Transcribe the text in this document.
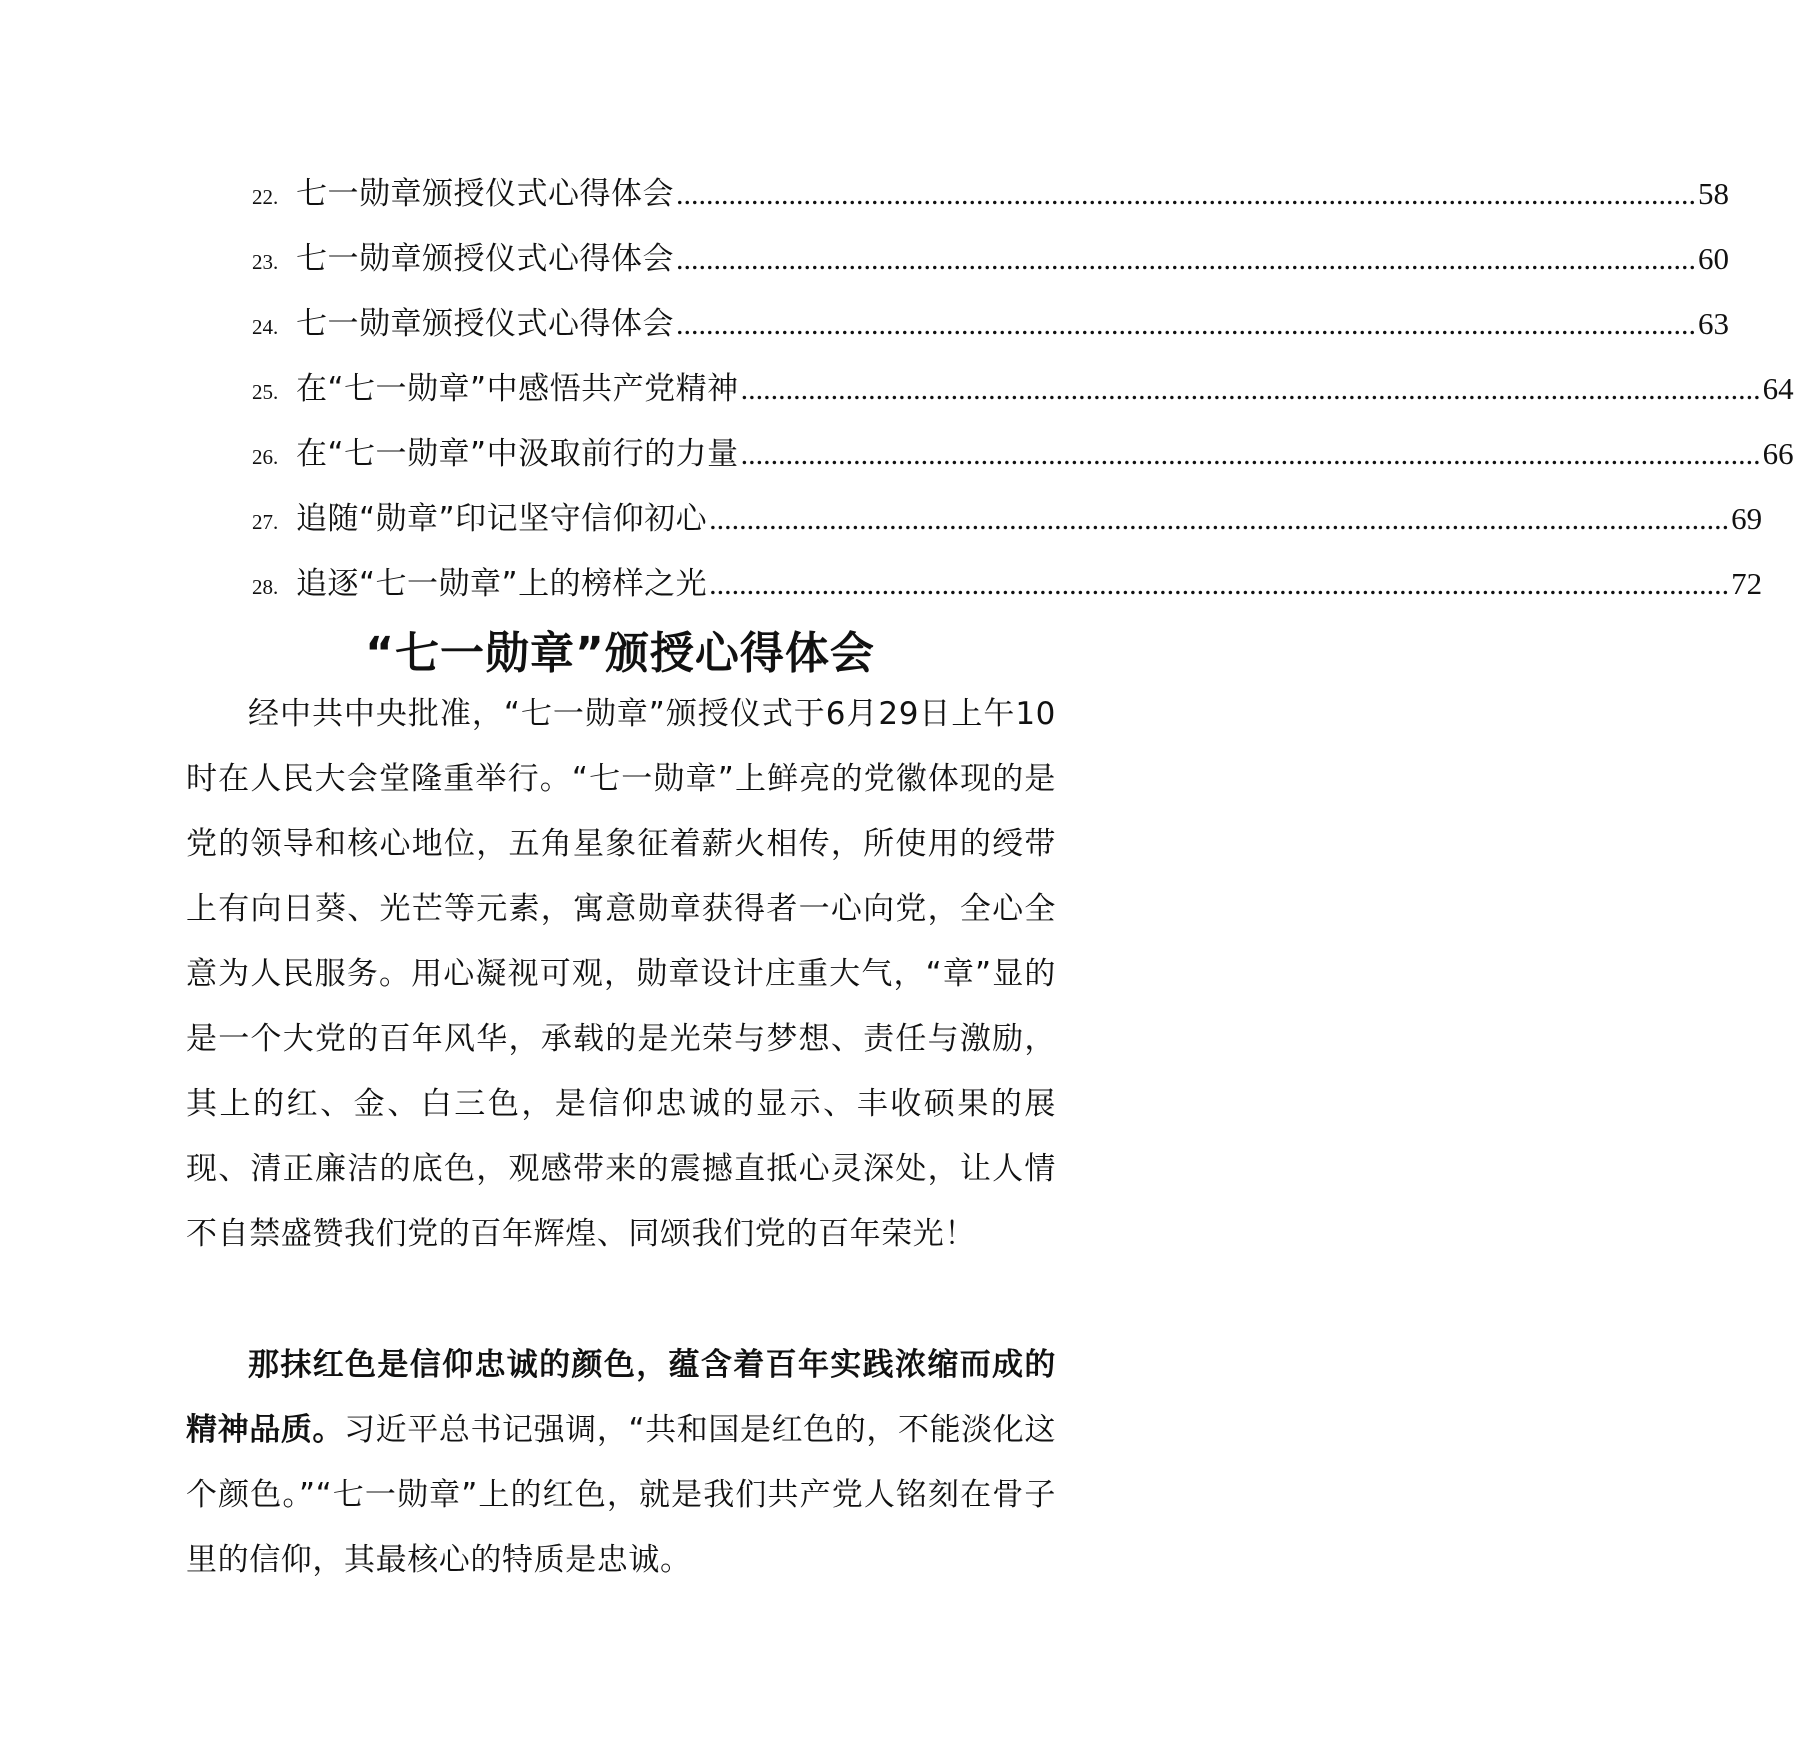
22. 七一勋章颁授仪式心得体会 ........................................................................................................................................ 58
23. 七一勋章颁授仪式心得体会 ........................................................................................................................................ 60
24. 七一勋章颁授仪式心得体会 ........................................................................................................................................ 63
25. 在“七一勋章”中感悟共产党精神 ........................................................................................................................................ 64
26. 在“七一勋章”中汲取前行的力量 ........................................................................................................................................ 66
27. 追随“勋章”印记坚守信仰初心 ........................................................................................................................................ 69
28. 追逐“七一勋章”上的榜样之光 ........................................................................................................................................ 72
“七一勋章”颁授心得体会

经中共中央批准，“七一勋章”颁授仪式于6月29日上午10时在人民大会堂隆重举行。“七一勋章”上鲜亮的党徽体现的是党的领导和核心地位，五角星象征着薪火相传，所使用的绶带上有向日葵、光芒等元素，寓意勋章获得者一心向党，全心全意为人民服务。用心凝视可观，勋章设计庄重大气，“章”显的是一个大党的百年风华，承载的是光荣与梦想、责任与激励，其上的红、金、白三色，是信仰忠诚的显示、丰收硕果的展现、清正廉洁的底色，观感带来的震撼直抵心灵深处，让人情不自禁盛赞我们党的百年辉煌、同颂我们党的百年荣光！

那抹红色是信仰忠诚的颜色，蕴含着百年实践浓缩而成的精神品质。习近平总书记强调，“共和国是红色的，不能淡化这个颜色。”“七一勋章”上的红色，就是我们共产党人铭刻在骨子里的信仰，其最核心的特质是忠诚。
